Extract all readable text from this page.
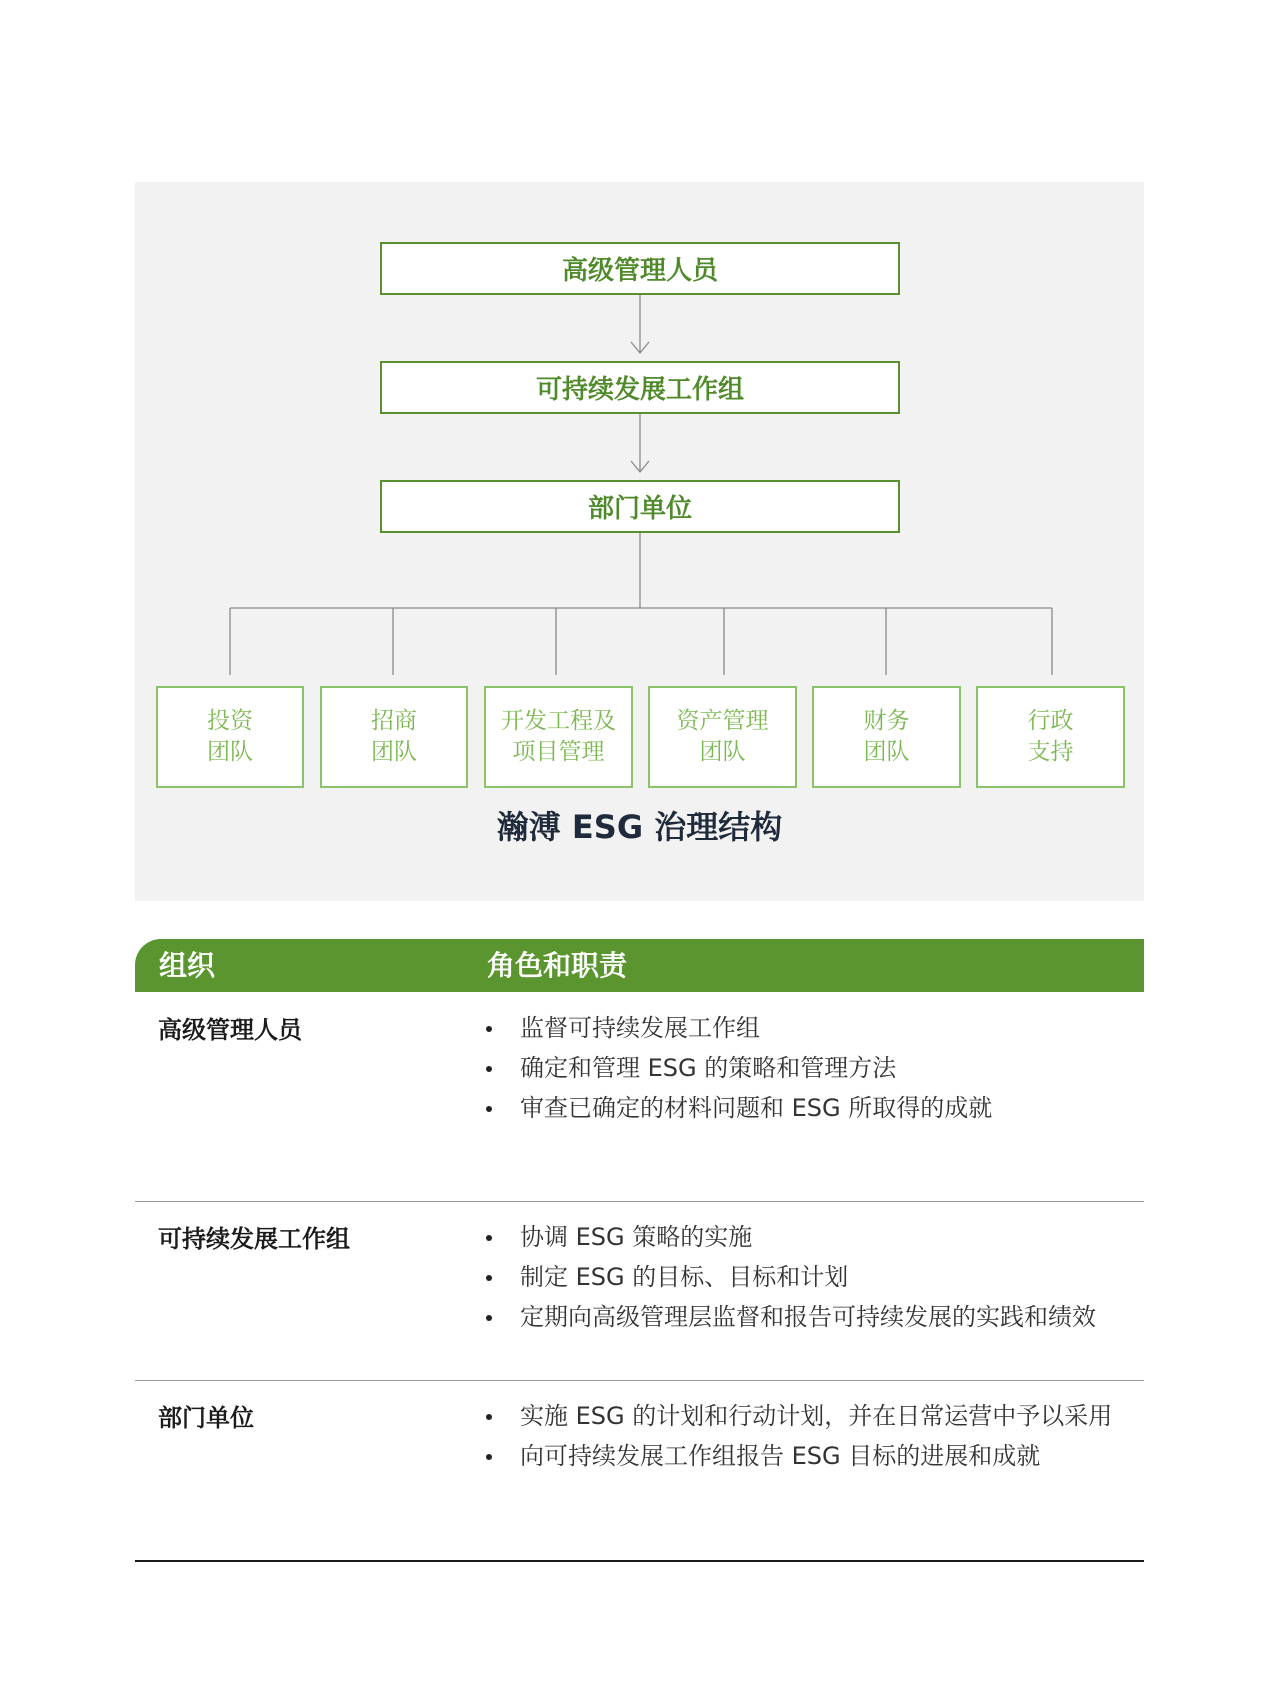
高级管理人员
可持续发展工作组
部门单位
投资
团队
招商
团队
开发工程及
项目管理
资产管理
团队
财务
团队
行政
支持
瀚溥 ESG 治理结构
组织	角色和职责
高级管理人员	监督可持续发展工作组
确定和管理 ESG 的策略和管理方法
审查已确定的材料问题和 ESG 所取得的成就
可持续发展工作组	协调 ESG 策略的实施
制定 ESG 的目标、目标和计划
定期向高级管理层监督和报告可持续发展的实践和绩效
部门单位	实施 ESG 的计划和行动计划，并在日常运营中予以采用
向可持续发展工作组报告 ESG 目标的进展和成就
